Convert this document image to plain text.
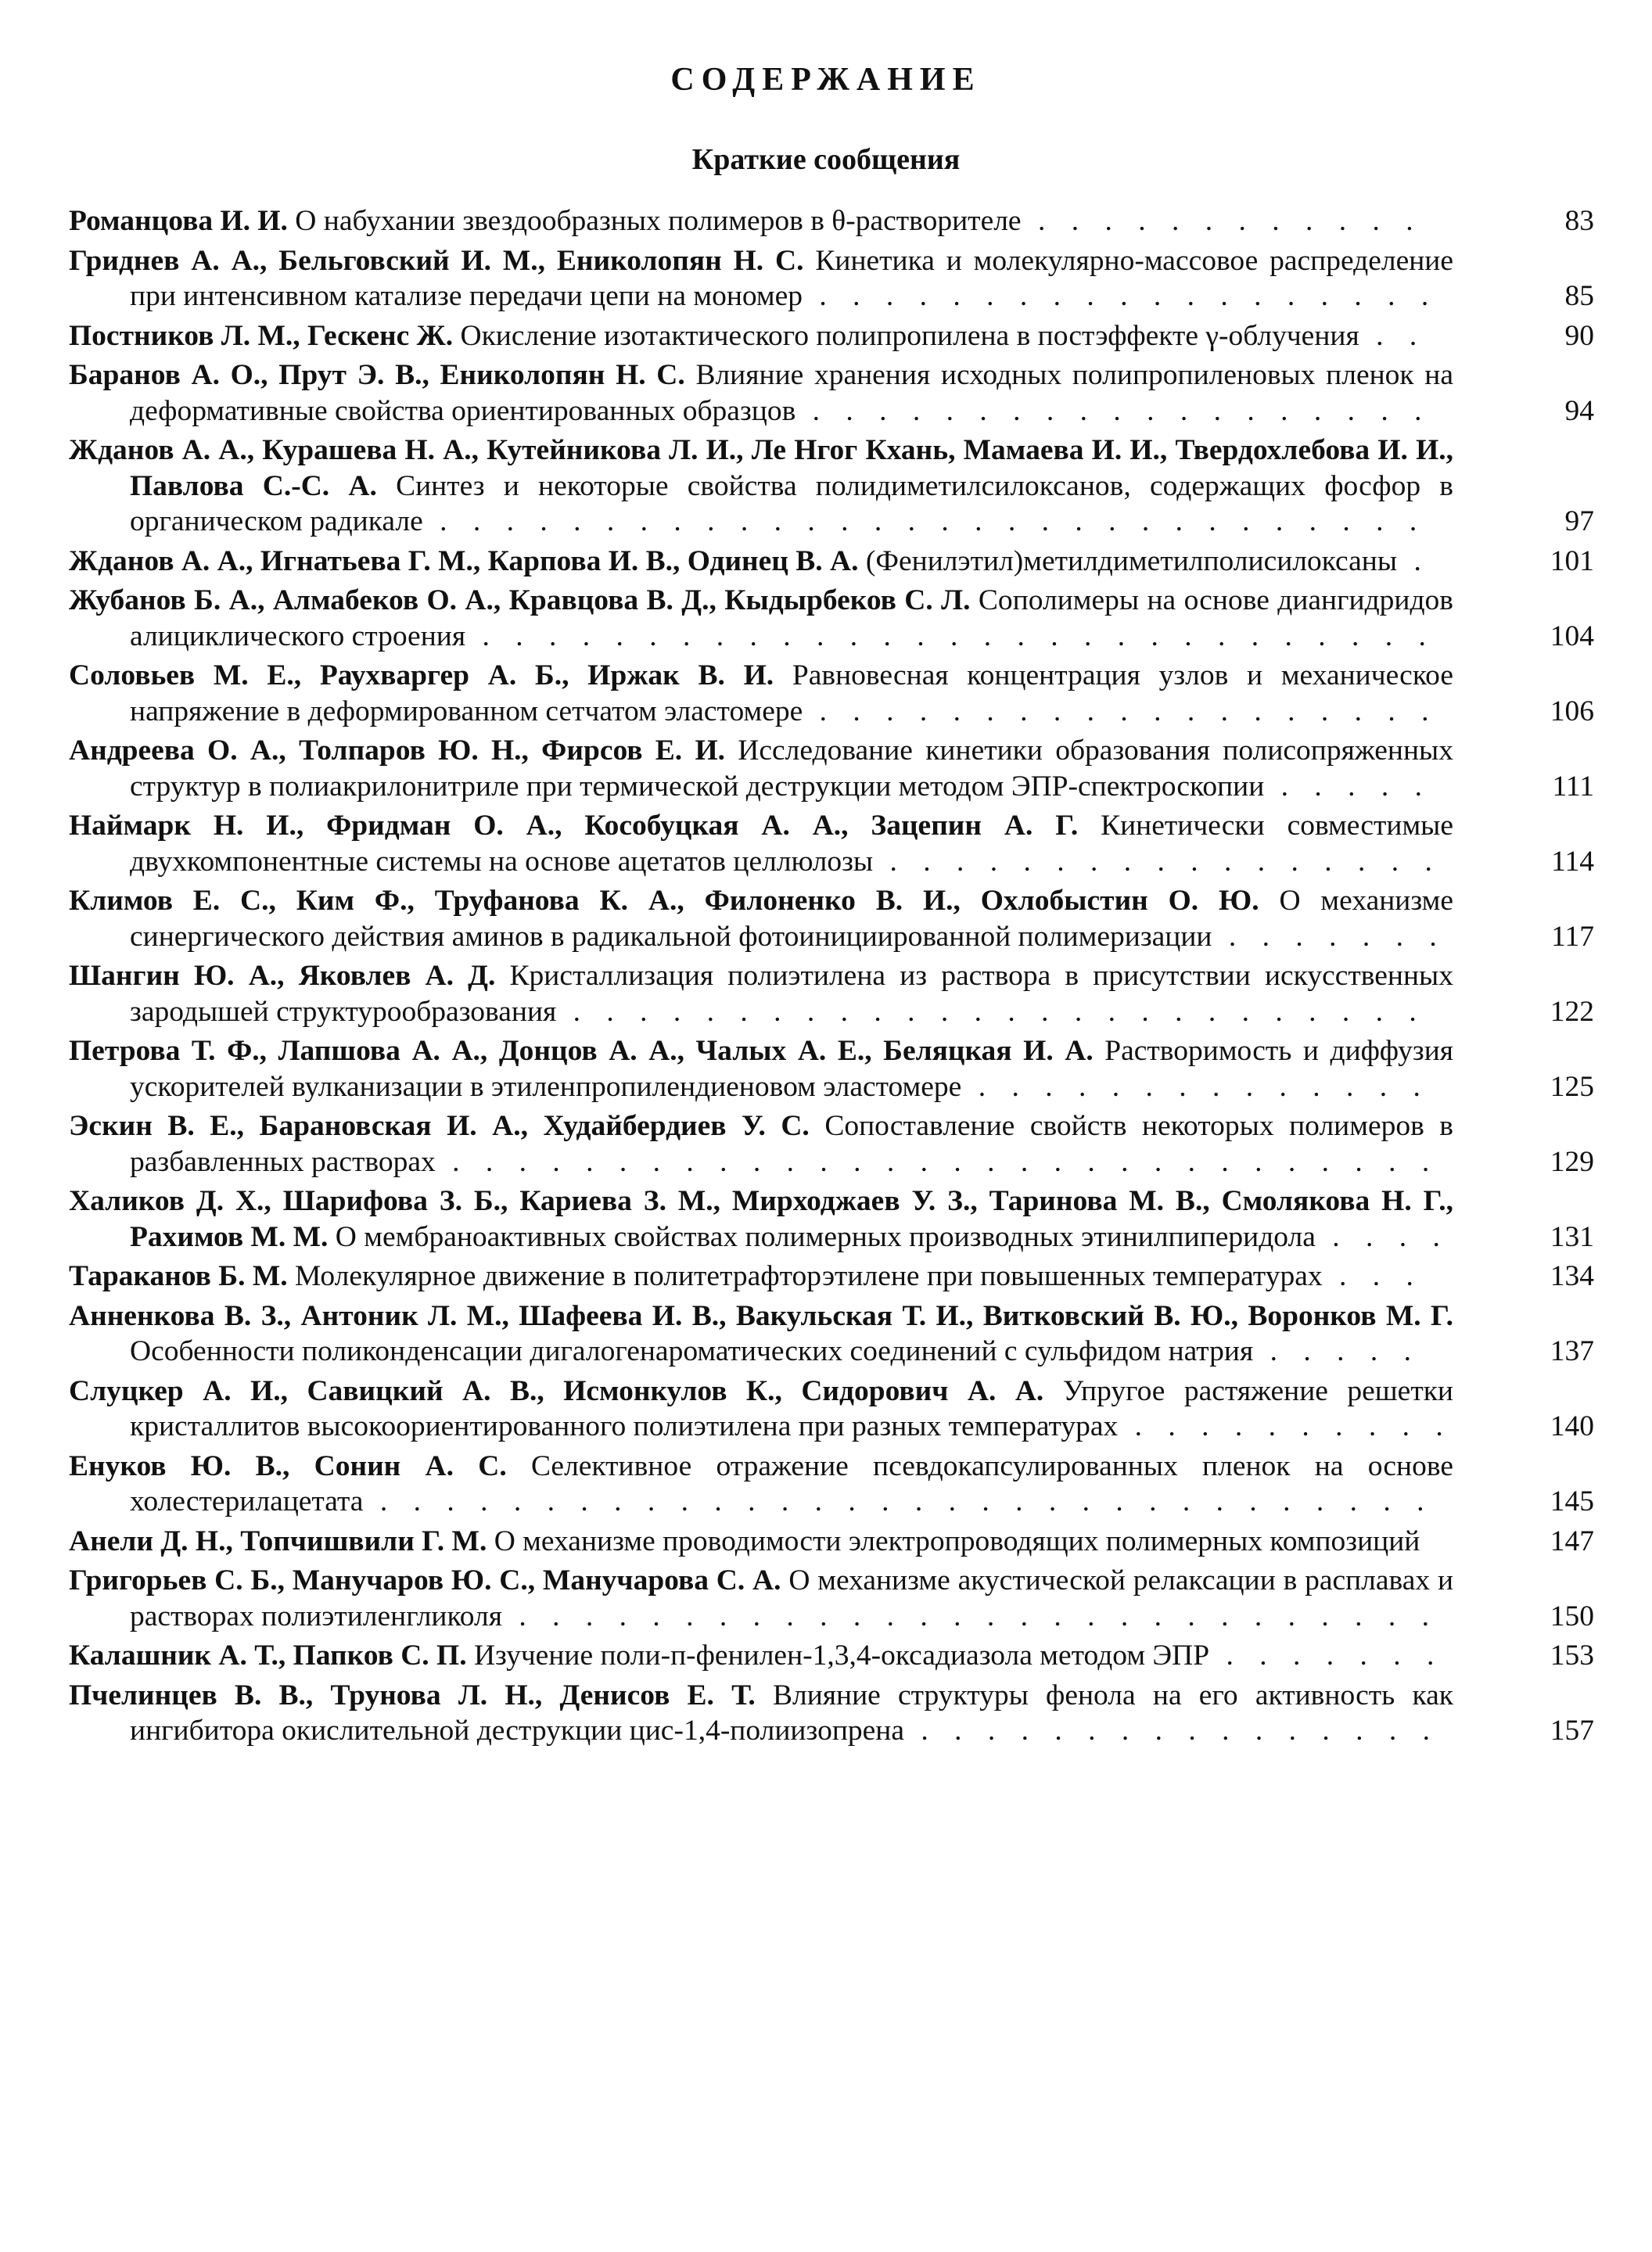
СОДЕРЖАНИЕ
Краткие сообщения
Романцова И. И. О набухании звездообразных полимеров в θ-растворителе . . . . . . . . . . . .	83
Гриднев А. А., Бельговский И. М., Ениколопян Н. С. Кинетика и молекулярно-массовое распределение при интенсивном катализе передачи цепи на мономер . . . . . . . . . . . . . . . . . . .	85
Постников Л. М., Гескенс Ж. Окисление изотактического полипропилена в постэффекте γ-облучения . .	90
Баранов А. О., Прут Э. В., Ениколопян Н. С. Влияние хранения исходных полипропиленовых пленок на деформативные свойства ориентированных образцов . . . . . . . . . . . . . . . . . . .	94
Жданов А. А., Курашева Н. А., Кутейникова Л. И., Ле Нгог Кхань, Мамаева И. И., Твердохлебова И. И., Павлова С.-С. А. Синтез и некоторые свойства полидиметилсилоксанов, содержащих фосфор в органическом радикале . . . . . . . . . . . . . . . . . . . . . . . . . . . . . .	97
Жданов А. А., Игнатьева Г. М., Карпова И. В., Одинец В. А. (Фенилэтил)метилдиметилполисилоксаны .	101
Жубанов Б. А., Алмабеков О. А., Кравцова В. Д., Кыдырбеков С. Л. Сополимеры на основе диангидридов алициклического строения . . . . . . . . . . . . . . . . . . . . . . . . . . . . .	104
Соловьев М. Е., Раухваргер А. Б., Иржак В. И. Равновесная концентрация узлов и механическое напряжение в деформированном сетчатом эластомере . . . . . . . . . . . . . . . . . . .	106
Андреева О. А., Толпаров Ю. Н., Фирсов Е. И. Исследование кинетики образования полисопряженных структур в полиакрилонитриле при термической деструкции методом ЭПР-спектроскопии . . . . .	111
Наймарк Н. И., Фридман О. А., Кособуцкая А. А., Зацепин А. Г. Кинетически совместимые двухкомпонентные системы на основе ацетатов целлюлозы . . . . . . . . . . . . . . . . .	114
Климов Е. С., Ким Ф., Труфанова К. А., Филоненко В. И., Охлобыстин О. Ю. О механизме синергического действия аминов в радикальной фотоинициированной полимеризации . . . . . . .	117
Шангин Ю. А., Яковлев А. Д. Кристаллизация полиэтилена из раствора в присутствии искусственных зародышей структурообразования . . . . . . . . . . . . . . . . . . . . . . . . . .	122
Петрова Т. Ф., Лапшова А. А., Донцов А. А., Чалых А. Е., Беляцкая И. А. Растворимость и диффузия ускорителей вулканизации в этиленпропилендиеновом эластомере . . . . . . . . . . . . . .	125
Эскин В. Е., Барановская И. А., Худайбердиев У. С. Сопоставление свойств некоторых полимеров в разбавленных растворах . . . . . . . . . . . . . . . . . . . . . . . . . . . . . .	129
Халиков Д. Х., Шарифова З. Б., Кариева З. М., Мирходжаев У. З., Таринова М. В., Смолякова Н. Г., Рахимов М. М. О мембраноактивных свойствах полимерных производных этинилпиперидола . . . .	131
Тараканов Б. М. Молекулярное движение в политетрафторэтилене при повышенных температурах . . .	134
Анненкова В. З., Антоник Л. М., Шафеева И. В., Вакульская Т. И., Витковский В. Ю., Воронков М. Г. Особенности поликонденсации дигалогенароматических соединений с сульфидом натрия . . . . .	137
Слуцкер А. И., Савицкий А. В., Исмонкулов К., Сидорович А. А. Упругое растяжение решетки кристаллитов высокоориентированного полиэтилена при разных температурах . . . . . . . . . .	140
Енуков Ю. В., Сонин А. С. Селективное отражение псевдокапсулированных пленок на основе холестерилацетата . . . . . . . . . . . . . . . . . . . . . . . . . . . . . . . .	145
Анели Д. Н., Топчишвили Г. М. О механизме проводимости электропроводящих полимерных композиций	147
Григорьев С. Б., Манучаров Ю. С., Манучарова С. А. О механизме акустической релаксации в расплавах и растворах полиэтиленгликоля . . . . . . . . . . . . . . . . . . . . . . . . . . . .	150
Калашник А. Т., Папков С. П. Изучение поли-п-фенилен-1,3,4-оксадиазола методом ЭПР . . . . . . .	153
Пчелинцев В. В., Трунова Л. Н., Денисов Е. Т. Влияние структуры фенола на его активность как ингибитора окислительной деструкции цис-1,4-полиизопрена . . . . . . . . . . . . . . . .	157
